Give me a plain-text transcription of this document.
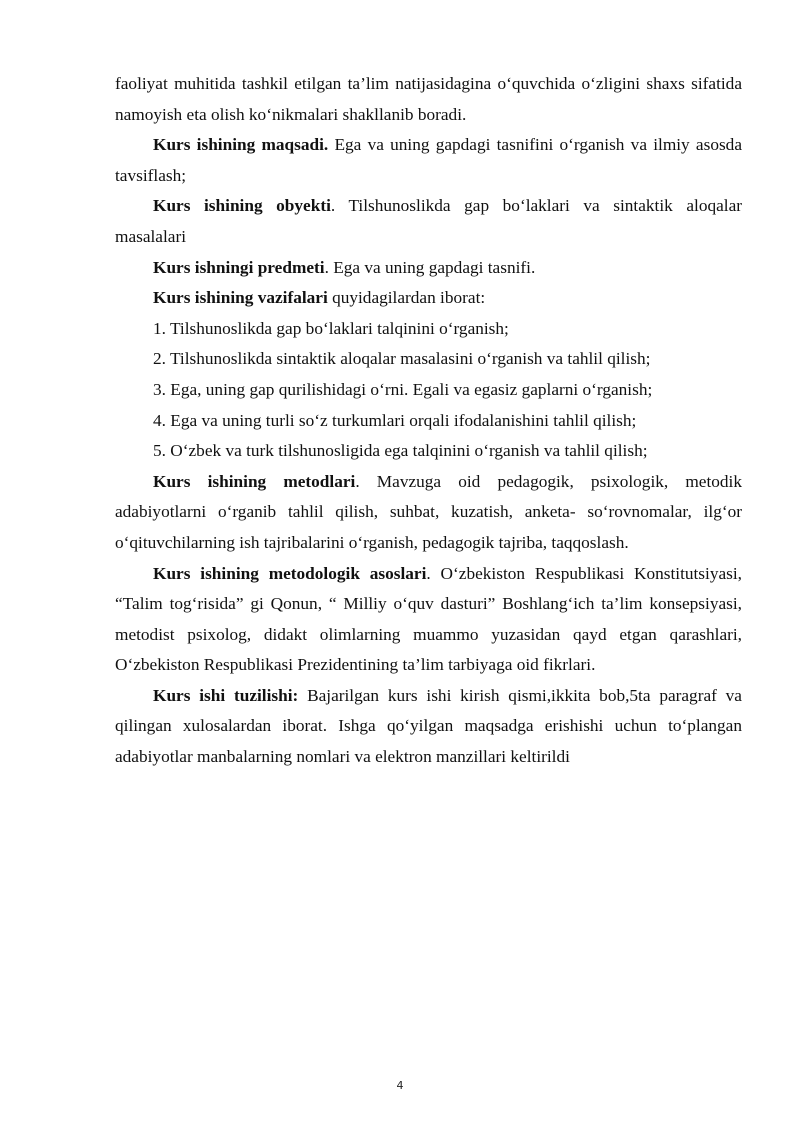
faoliyat muhitida tashkil etilgan ta’lim natijasidagina o‘quvchida o‘zligini shaxs sifatida namoyish eta olish ko‘nikmalari shakllanib boradi.

Kurs ishining maqsadi. Ega va uning gapdagi tasnifini o‘rganish va ilmiy asosda tavsiflash;

Kurs ishining obyekti. Tilshunoslikda gap bo‘laklari va sintaktik aloqalar masalalari

Kurs ishningi predmeti. Ega va uning gapdagi tasnifi.

Kurs ishining vazifalari quyidagilardan iborat:

1. Tilshunoslikda gap bo‘laklari talqinini o‘rganish;

2. Tilshunoslikda sintaktik aloqalar masalasini o‘rganish va tahlil qilish;

3. Ega, uning gap qurilishidagi o‘rni. Egali va egasiz gaplarni o‘rganish;

4. Ega va uning turli so‘z turkumlari orqali ifodalanishini tahlil qilish;

5. O‘zbek va turk tilshunosligida ega talqinini o‘rganish va tahlil qilish;

Kurs ishining metodlari. Mavzuga oid pedagogik, psixologik, metodik adabiyotlarni o‘rganib tahlil qilish, suhbat, kuzatish, anketa- so‘rovnomalar, ilg‘or o‘qituvchilarning ish tajribalarini o‘rganish, pedagogik tajriba, taqqoslash.

Kurs ishining metodologik asoslari. O‘zbekiston Respublikasi Konstitutsiyasi, “Talim tog‘risida” gi Qonun, “ Milliy o‘quv dasturi” Boshlang‘ich ta’lim konsepsiyasi, metodist psixolog, didakt olimlarning muammo yuzasidan qayd etgan qarashlari, O‘zbekiston Respublikasi Prezidentining ta’lim tarbiyaga oid fikrlari.

Kurs ishi tuzilishi: Bajarilgan kurs ishi kirish qismi,ikkita bob,5ta paragraf va qilingan xulosalardan iborat. Ishga qo‘yilgan maqsadga erishishi uchun to‘plangan adabiyotlar manbalarning nomlari va elektron manzillari keltirildi

4
